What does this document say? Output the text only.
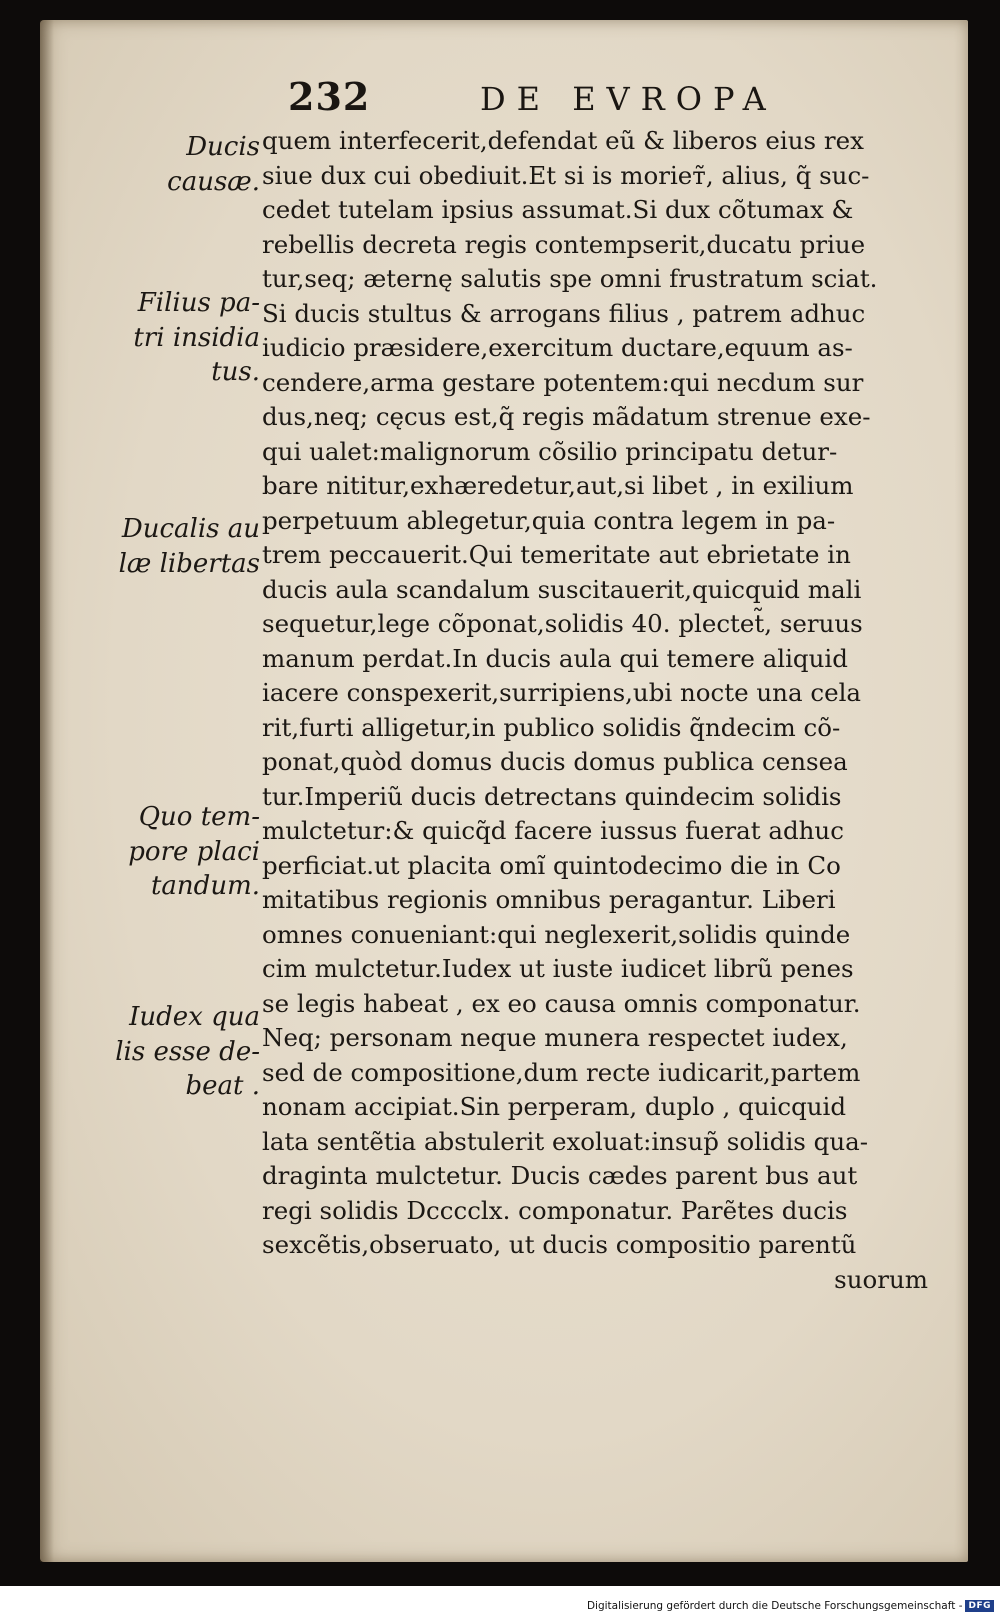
232	DE EVROPA
quem interfecerit,defendat eũ & liberos eius rex
siue dux cui obediuit.Et si is morieт̃, alius, q̃ suc-
cedet tutelam ipsius assumat.Si dux cõtumax &
rebellis decreta regis contempserit,ducatu priue
tur,seq; æternę salutis spe omni frustratum sciat.
Si ducis stultus & arrogans filius , patrem adhuc
iudicio præsidere,exercitum ductare,equum as-
cendere,arma gestare potentem:qui necdum sur
dus,neq; cęcus est,q̃ regis mãdatum strenue exe-
qui ualet:malignorum cõsilio principatu detur-
bare nititur,exhæredetur,aut,si libet , in exilium
perpetuum ablegetur,quia contra legem in pa-
trem peccauerit.Qui temeritate aut ebrietate in
ducis aula scandalum suscitauerit,quicquid mali
sequetur,lege cõponat,solidis 40. plectet̃, seruus
manum perdat.In ducis aula qui temere aliquid
iacere conspexerit,surripiens,ubi nocte una cela
rit,furti alligetur,in publico solidis q̃ndecim cõ-
ponat,quòd domus ducis domus publica censea
tur.Imperiũ ducis detrectans quindecim solidis
mulctetur:& quicq̃d facere iussus fuerat adhuc
perficiat.ut placita omĩ quintodecimo die in Co
mitatibus regionis omnibus peragantur. Liberi
omnes conueniant:qui neglexerit,solidis quinde
cim mulctetur.Iudex ut iuste iudicet librũ penes
se legis habeat , ex eo causa omnis componatur.
Neq; personam neque munera respectet iudex,
sed de compositione,dum recte iudicarit,partem
nonam accipiat.Sin perperam, duplo , quicquid
lata sentẽtia abstulerit exoluat:insup̃ solidis qua-
draginta mulctetur. Ducis cædes parent bus aut
regi solidis Dcccclx. componatur. Parẽtes ducis
sexcẽtis,obseruato, ut ducis compositio parentũ
suorum
Ducis
causæ.
Filius pa-
tri insidia
tus.
Ducalis au
læ libertas
Quo tem-
pore placi
tandum.
Iudex qua
lis esse de-
beat .
Digitalisierung gefördert durch die Deutsche Forschungsgemeinschaft - DFG
